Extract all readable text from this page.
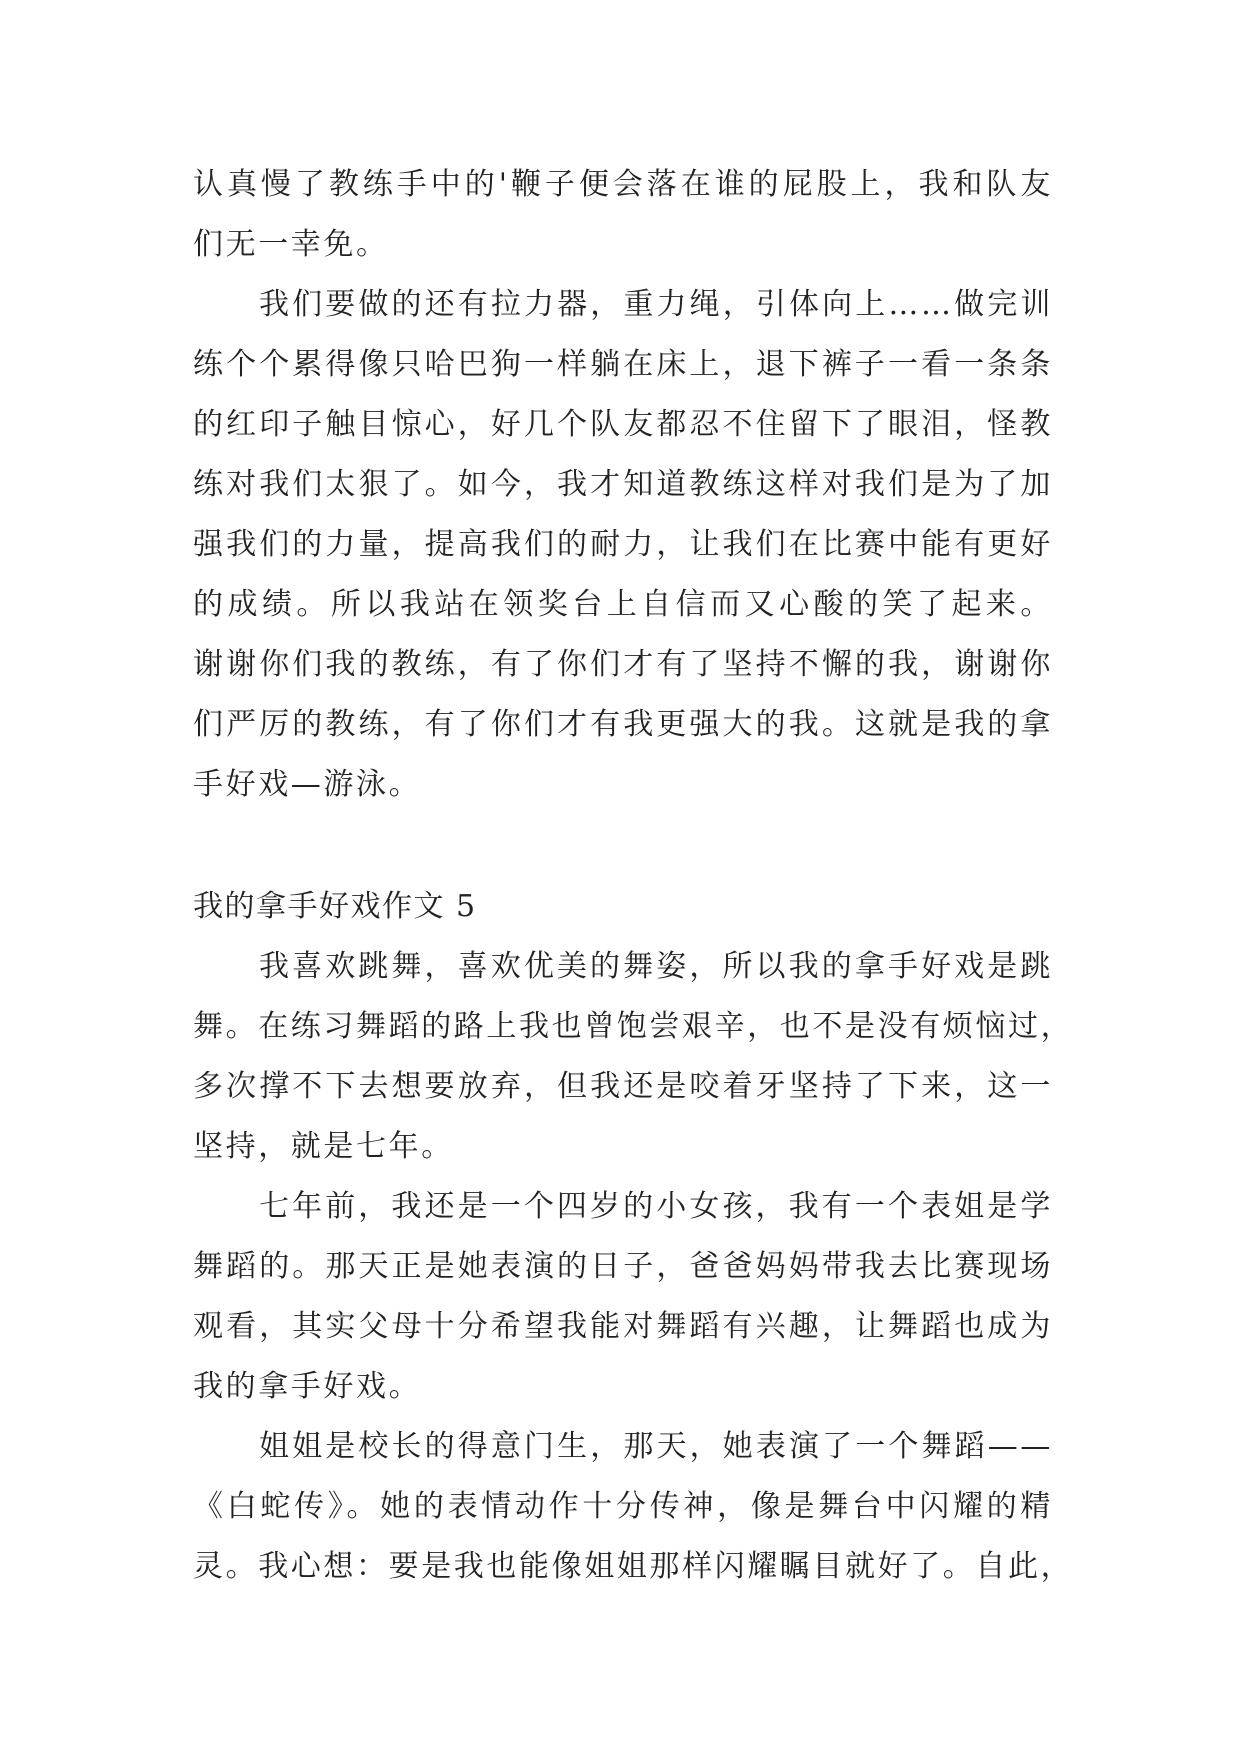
认真慢了教练手中的'鞭子便会落在谁的屁股上，我和队友
们无一幸免。
我们要做的还有拉力器，重力绳，引体向上……做完训
练个个累得像只哈巴狗一样躺在床上，退下裤子一看一条条
的红印子触目惊心，好几个队友都忍不住留下了眼泪，怪教
练对我们太狠了。如今，我才知道教练这样对我们是为了加
强我们的力量，提高我们的耐力，让我们在比赛中能有更好
的成绩。所以我站在领奖台上自信而又心酸的笑了起来。
谢谢你们我的教练，有了你们才有了坚持不懈的我，谢谢你
们严厉的教练，有了你们才有我更强大的我。这就是我的拿
手好戏—游泳。
我的拿手好戏作文 5
我喜欢跳舞，喜欢优美的舞姿，所以我的拿手好戏是跳
舞。在练习舞蹈的路上我也曾饱尝艰辛，也不是没有烦恼过，
多次撑不下去想要放弃，但我还是咬着牙坚持了下来，这一
坚持，就是七年。
七年前，我还是一个四岁的小女孩，我有一个表姐是学
舞蹈的。那天正是她表演的日子，爸爸妈妈带我去比赛现场
观看，其实父母十分希望我能对舞蹈有兴趣，让舞蹈也成为
我的拿手好戏。
姐姐是校长的得意门生，那天，她表演了一个舞蹈——
《白蛇传》。她的表情动作十分传神，像是舞台中闪耀的精
灵。我心想：要是我也能像姐姐那样闪耀瞩目就好了。自此，
